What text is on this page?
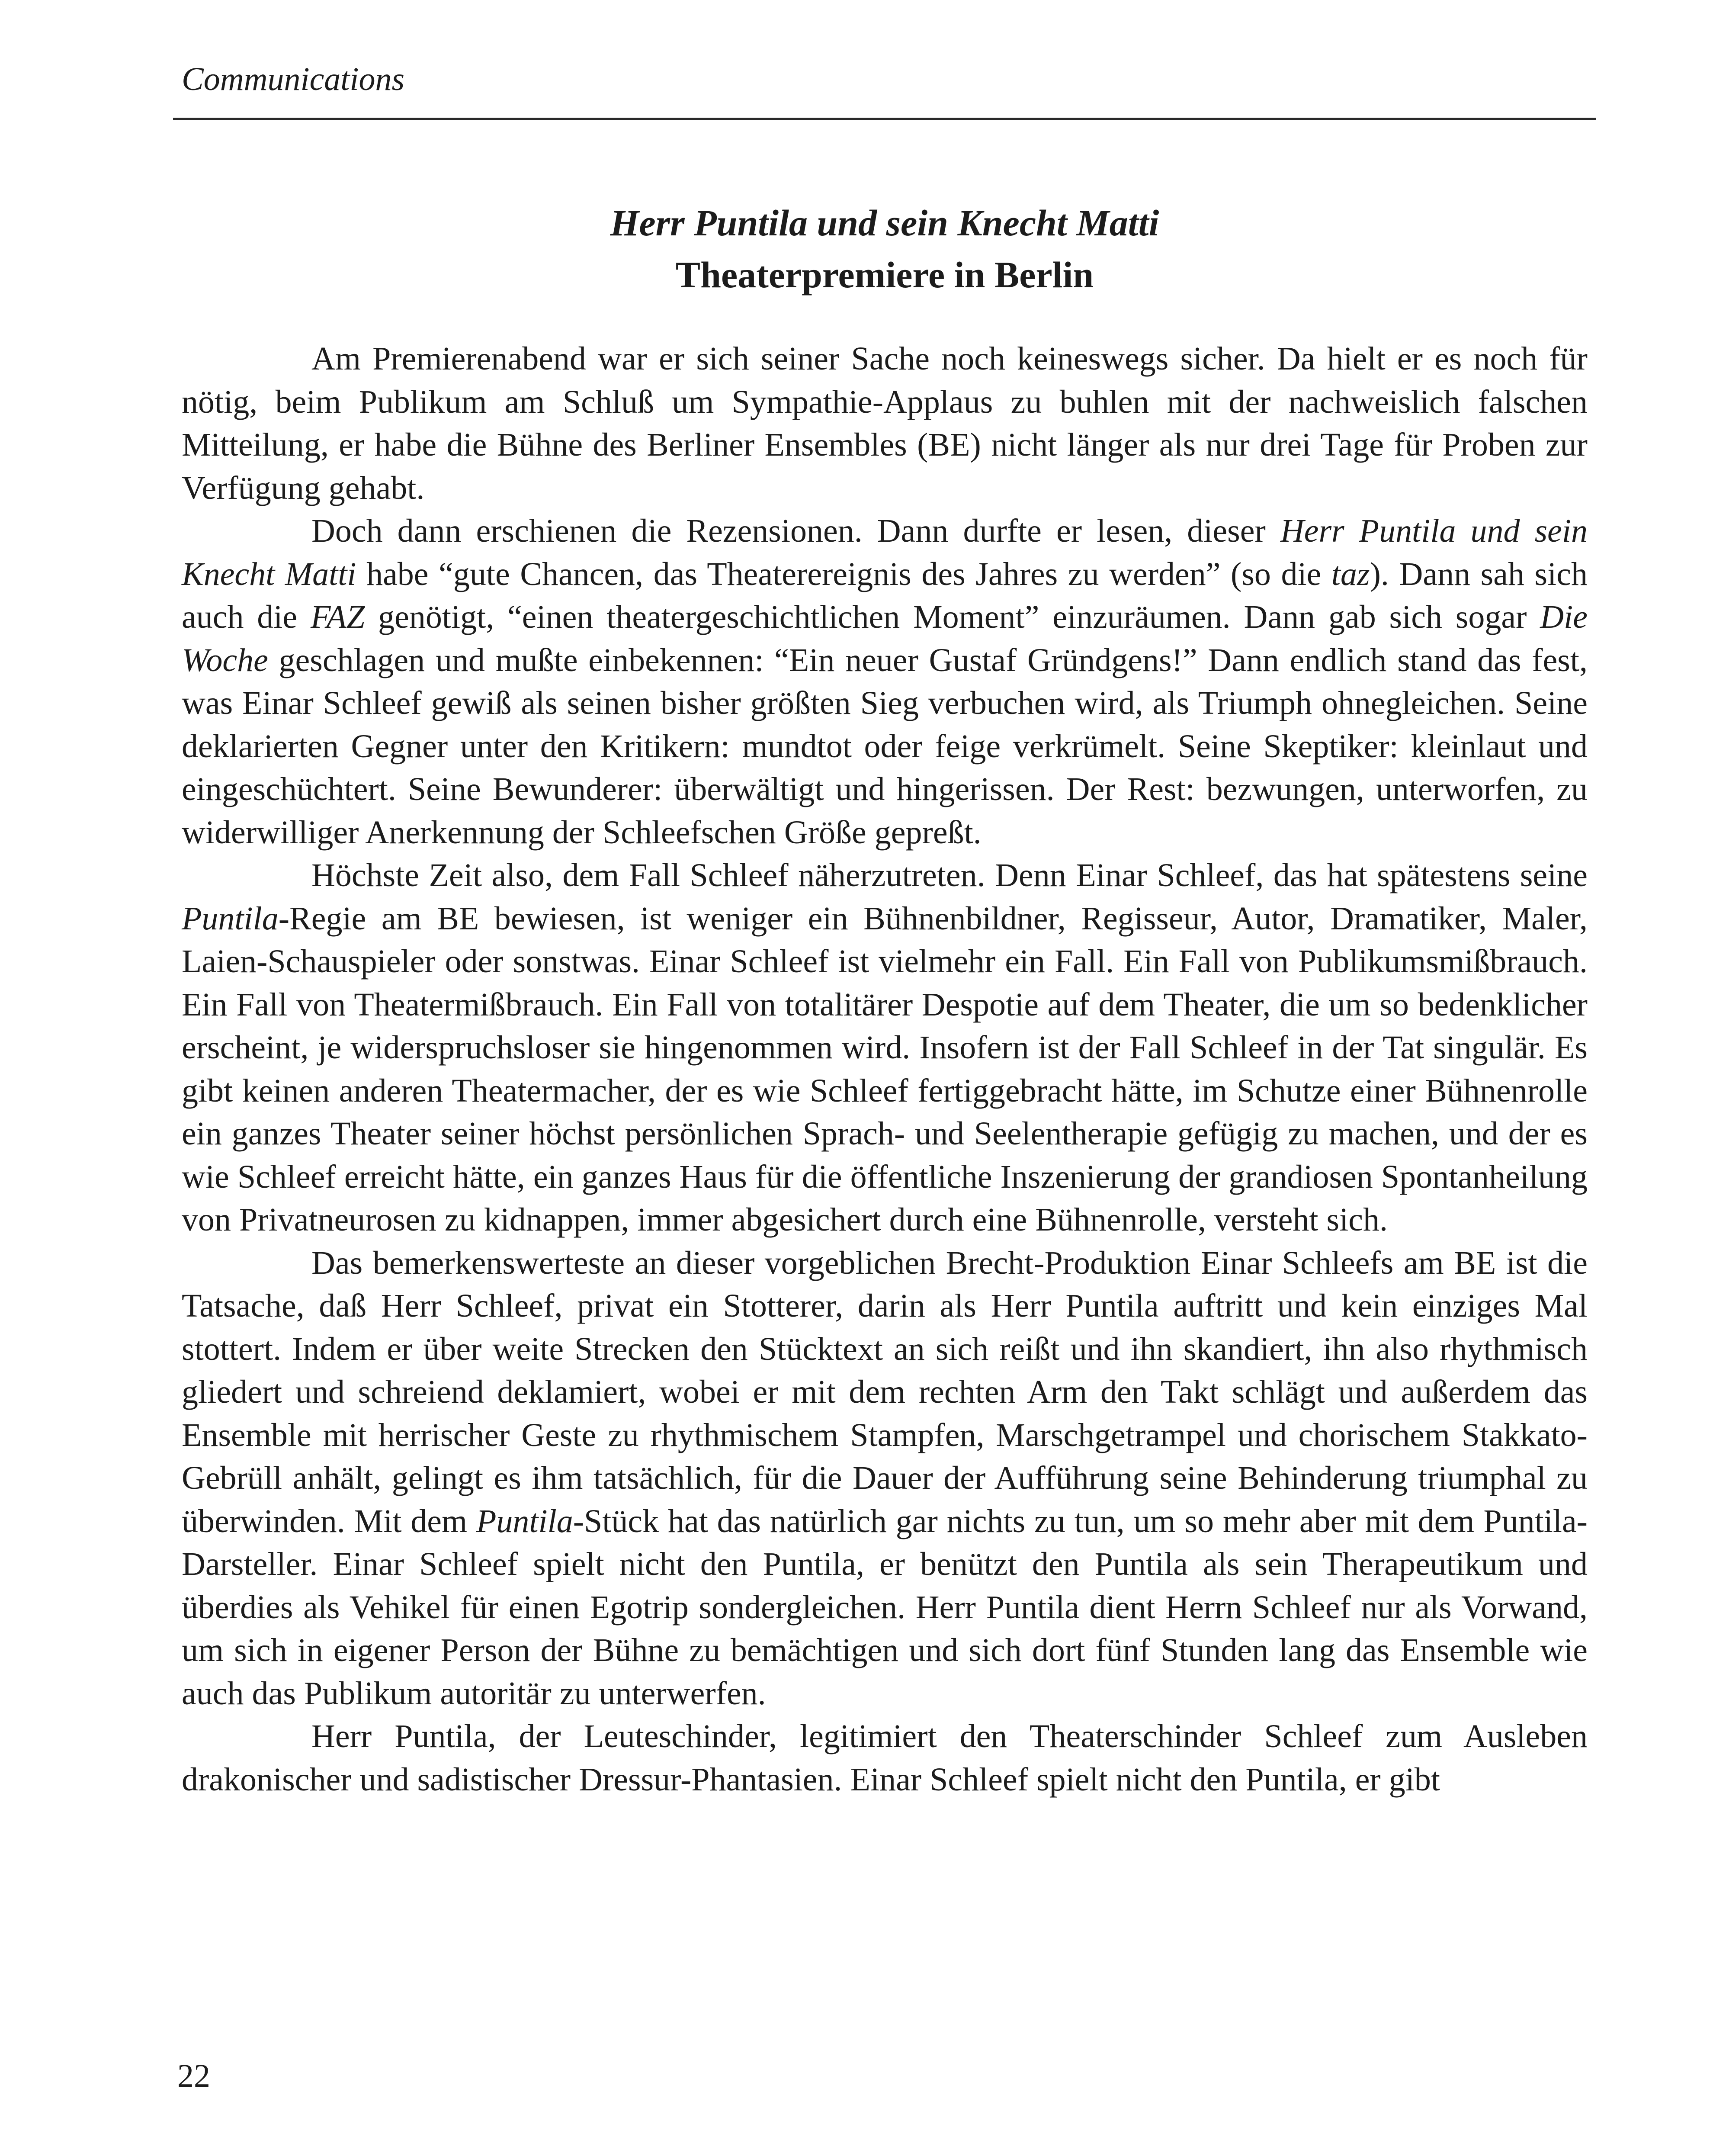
Communications
Herr Puntila und sein Knecht Matti
Theaterpremiere in Berlin

Am Premierenabend war er sich seiner Sache noch keineswegs sicher. Da hielt er es noch für nötig, beim Publikum am Schluß um Sympathie-Applaus zu buhlen mit der nachweislich falschen Mitteilung, er habe die Bühne des Berliner Ensembles (BE) nicht länger als nur drei Tage für Proben zur Verfügung gehabt.

Doch dann erschienen die Rezensionen. Dann durfte er lesen, dieser Herr Puntila und sein Knecht Matti habe “gute Chancen, das Theaterereignis des Jahres zu werden” (so die taz). Dann sah sich auch die FAZ genötigt, “einen theatergeschichtlichen Moment” einzuräumen. Dann gab sich sogar Die Woche geschlagen und mußte einbekennen: “Ein neuer Gustaf Gründgens!” Dann endlich stand das fest, was Einar Schleef gewiß als seinen bisher größten Sieg verbuchen wird, als Triumph ohnegleichen. Seine deklarierten Gegner unter den Kritikern: mundtot oder feige verkrümelt. Seine Skeptiker: kleinlaut und eingeschüchtert. Seine Bewunderer: überwältigt und hingerissen. Der Rest: bezwungen, unterworfen, zu widerwilliger Anerkennung der Schleefschen Größe gepreßt.

Höchste Zeit also, dem Fall Schleef näherzutreten. Denn Einar Schleef, das hat spätestens seine Puntila-Regie am BE bewiesen, ist weniger ein Bühnenbildner, Regisseur, Autor, Dramatiker, Maler, Laien-Schauspieler oder sonstwas. Einar Schleef ist vielmehr ein Fall. Ein Fall von Publikumsmißbrauch. Ein Fall von Theatermißbrauch. Ein Fall von totalitärer Despotie auf dem Theater, die um so bedenklicher erscheint, je widerspruchsloser sie hingenommen wird. Insofern ist der Fall Schleef in der Tat singulär. Es gibt keinen anderen Theatermacher, der es wie Schleef fertiggebracht hätte, im Schutze einer Bühnenrolle ein ganzes Theater seiner höchst persönlichen Sprach- und Seelentherapie gefügig zu machen, und der es wie Schleef erreicht hätte, ein ganzes Haus für die öffentliche Inszenierung der grandiosen Spontanheilung von Privatneurosen zu kidnappen, immer abgesichert durch eine Bühnenrolle, versteht sich.

Das bemerkenswerteste an dieser vorgeblichen Brecht-Produktion Einar Schleefs am BE ist die Tatsache, daß Herr Schleef, privat ein Stotterer, darin als Herr Puntila auftritt und kein einziges Mal stottert. Indem er über weite Strecken den Stücktext an sich reißt und ihn skandiert, ihn also rhythmisch gliedert und schreiend deklamiert, wobei er mit dem rechten Arm den Takt schlägt und außerdem das Ensemble mit herrischer Geste zu rhythmischem Stampfen, Marschgetrampel und chorischem Stakkato-Gebrüll anhält, gelingt es ihm tatsächlich, für die Dauer der Aufführung seine Behinderung triumphal zu überwinden. Mit dem Puntila-Stück hat das natürlich gar nichts zu tun, um so mehr aber mit dem Puntila-Darsteller. Einar Schleef spielt nicht den Puntila, er benützt den Puntila als sein Therapeutikum und überdies als Vehikel für einen Egotrip sondergleichen. Herr Puntila dient Herrn Schleef nur als Vorwand, um sich in eigener Person der Bühne zu bemächtigen und sich dort fünf Stunden lang das Ensemble wie auch das Publikum autoritär zu unterwerfen.

Herr Puntila, der Leuteschinder, legitimiert den Theaterschinder Schleef zum Ausleben drakonischer und sadistischer Dressur-Phantasien. Einar Schleef spielt nicht den Puntila, er gibt

22
